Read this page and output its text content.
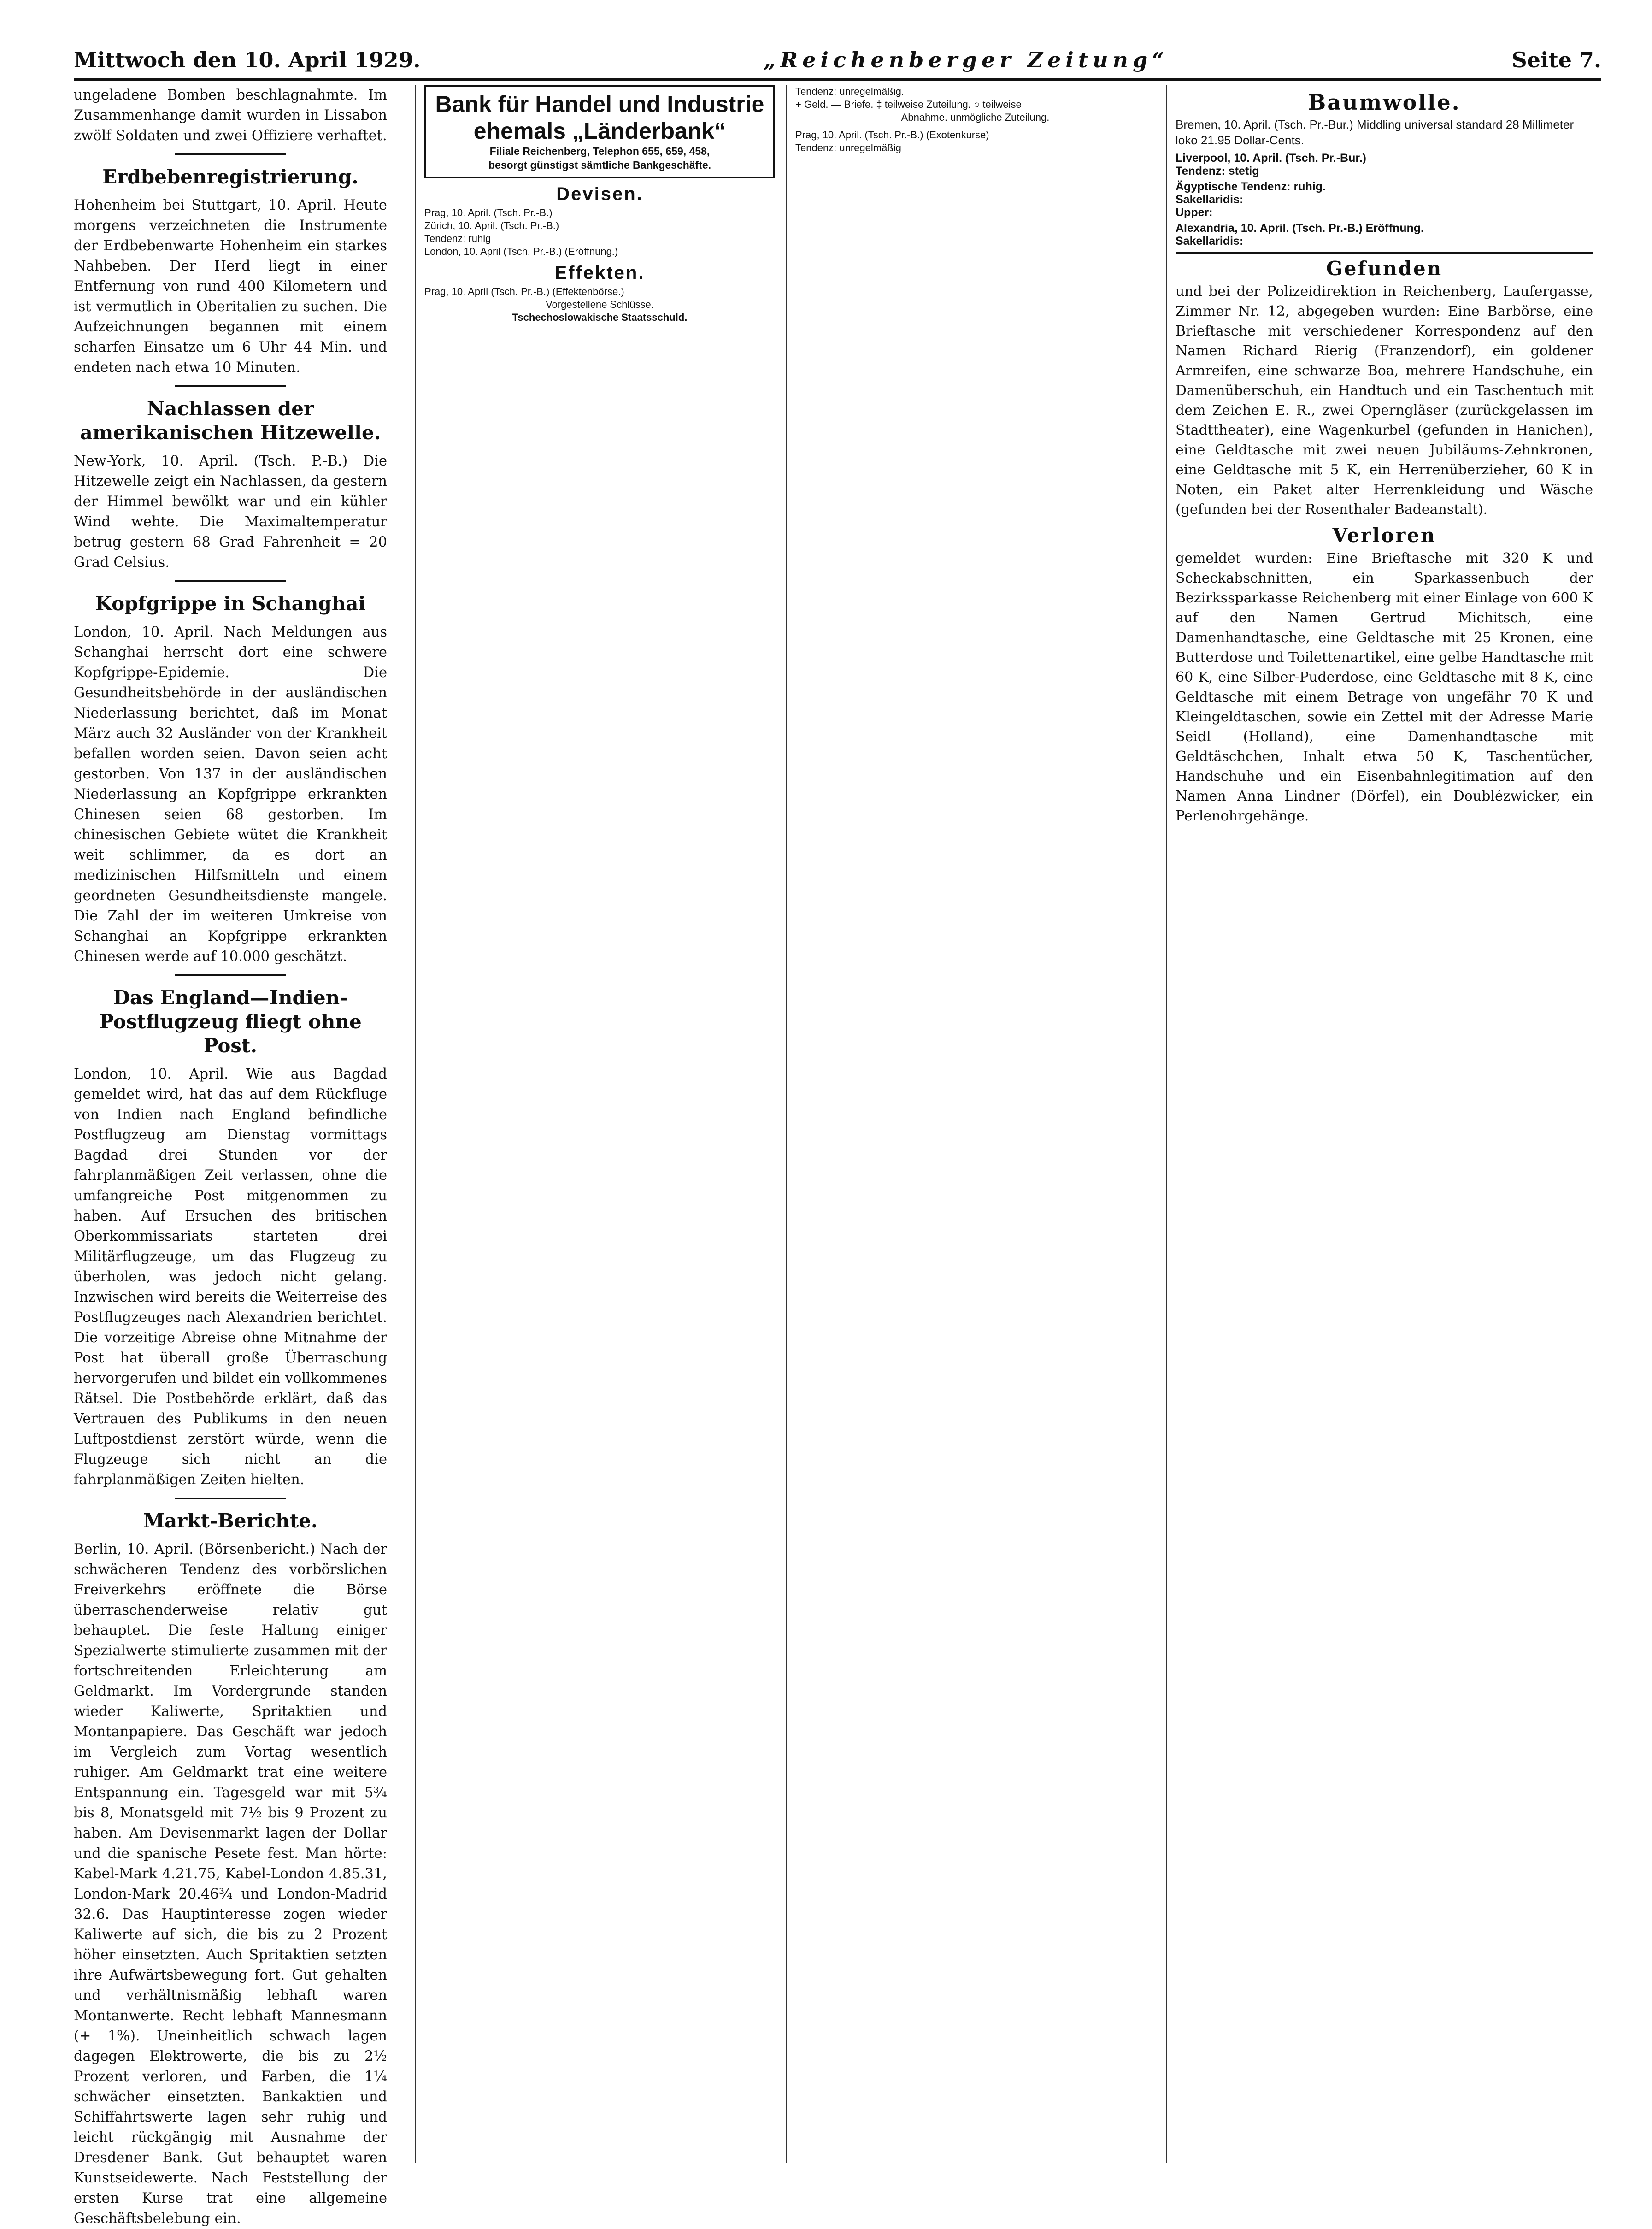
Mittwoch den 10. April 1929.	„Reichenberger Zeitung“	Seite 7.

ungeladene Bomben beschlagnahmte. Im Zusammenhange damit wurden in Lissabon zwölf Soldaten und zwei Offiziere verhaftet.

Erdbebenregistrierung.

Hohenheim bei Stuttgart, 10. April. Heute morgens verzeichneten die Instrumente der Erdbebenwarte Hohenheim ein starkes Nahbeben. Der Herd liegt in einer Entfernung von rund 400 Kilometern und ist vermutlich in Oberitalien zu suchen. Die Aufzeichnungen begannen mit einem scharfen Einsatze um 6 Uhr 44 Min. und endeten nach etwa 10 Minuten.

Nachlassen der amerikanischen Hitzewelle.

New-York, 10. April. (Tsch. P.-B.) Die Hitzewelle zeigt ein Nachlassen, da gestern der Himmel bewölkt war und ein kühler Wind wehte. Die Maximaltemperatur betrug gestern 68 Grad Fahrenheit = 20 Grad Celsius.

Kopfgrippe in Schanghai

London, 10. April. Nach Meldungen aus Schanghai herrscht dort eine schwere Kopfgrippe-Epidemie. Die Gesundheitsbehörde in der ausländischen Niederlassung berichtet, daß im Monat März auch 32 Ausländer von der Krankheit befallen worden seien. Davon seien acht gestorben. Von 137 in der ausländischen Niederlassung an Kopfgrippe erkrankten Chinesen seien 68 gestorben. Im chinesischen Gebiete wütet die Krankheit weit schlimmer, da es dort an medizinischen Hilfsmitteln und einem geordneten Gesundheitsdienste mangele. Die Zahl der im weiteren Umkreise von Schanghai an Kopfgrippe erkrankten Chinesen werde auf 10.000 geschätzt.

Das England—Indien-Postflugzeug fliegt ohne Post.

London, 10. April. Wie aus Bagdad gemeldet wird, hat das auf dem Rückfluge von Indien nach England befindliche Postflugzeug am Dienstag vormittags Bagdad drei Stunden vor der fahrplanmäßigen Zeit verlassen, ohne die umfangreiche Post mitgenommen zu haben. Auf Ersuchen des britischen Oberkommissariats starteten drei Militärflugzeuge, um das Flugzeug zu überholen, was jedoch nicht gelang. Inzwischen wird bereits die Weiterreise des Postflugzeuges nach Alexandrien berichtet. Die vorzeitige Abreise ohne Mitnahme der Post hat überall große Überraschung hervorgerufen und bildet ein vollkommenes Rätsel. Die Postbehörde erklärt, daß das Vertrauen des Publikums in den neuen Luftpostdienst zerstört würde, wenn die Flugzeuge sich nicht an die fahrplanmäßigen Zeiten hielten.

Markt-Berichte.

Berlin, 10. April. (Börsenbericht.) Nach der schwächeren Tendenz des vorbörslichen Freiverkehrs eröffnete die Börse überraschenderweise relativ gut behauptet. Die feste Haltung einiger Spezialwerte stimulierte zusammen mit der fortschreitenden Erleichterung am Geldmarkt. Im Vordergrunde standen wieder Kaliwerte, Spritaktien und Montanpapiere. Das Geschäft war jedoch im Vergleich zum Vortag wesentlich ruhiger. Am Geldmarkt trat eine weitere Entspannung ein. Tagesgeld war mit 5¾ bis 8, Monatsgeld mit 7½ bis 9 Prozent zu haben. Am Devisenmarkt lagen der Dollar und die spanische Pesete fest. Man hörte: Kabel-Mark 4.21.75, Kabel-London 4.85.31, London-Mark 20.46¾ und London-Madrid 32.6. Das Hauptinteresse zogen wieder Kaliwerte auf sich, die bis zu 2 Prozent höher einsetzten. Auch Spritaktien setzten ihre Aufwärtsbewegung fort. Gut gehalten und verhältnismäßig lebhaft waren Montanwerte. Recht lebhaft Mannesmann (+ 1%). Uneinheitlich schwach lagen dagegen Elektrowerte, die bis zu 2½ Prozent verloren, und Farben, die 1¼ schwächer einsetzten. Bankaktien und Schiffahrtswerte lagen sehr ruhig und leicht rückgängig mit Ausnahme der Dresdener Bank. Gut behauptet waren Kunstseidewerte. Nach Feststellung der ersten Kurse trat eine allgemeine Geschäftsbelebung ein.

Bank für Handel und Industrie
ehemals „Länderbank“
Filiale Reichenberg, Telephon 655, 659, 458,
besorgt günstigst sämtliche Bankgeschäfte.
Devisen.
Prag, 10. April. (Tsch. Pr.-B.)
Zürich, 10. April. (Tsch. Pr.-B.)
Tendenz: ruhig
London, 10. April (Tsch. Pr.-B.) (Eröffnung.)
Effekten.
Prag, 10. April (Tsch. Pr.-B.) (Effektenbörse.)
Vorgestellene Schlüsse.
Tschechoslowakische Staatsschuld.
Tendenz: unregelmäßig.
+ Geld. — Briefe. ‡ teilweise Zuteilung. ○ teilweise
Abnahme. unmögliche Zuteilung.
Prag, 10. April. (Tsch. Pr.-B.) (Exotenkurse)
Tendenz: unregelmäßig
Baumwolle.
Bremen, 10. April. (Tsch. Pr.-Bur.) Middling universal standard 28 Millimeter loko 21.95 Dollar-Cents.
Liverpool, 10. April. (Tsch. Pr.-Bur.)
Tendenz: stetig
Ägyptische Tendenz: ruhig.
Sakellaridis:
Upper:
Alexandria, 10. April. (Tsch. Pr.-B.) Eröffnung.
Sakellaridis:
Gefunden
und bei der Polizeidirektion in Reichenberg, Laufergasse, Zimmer Nr. 12, abgegeben wurden: Eine Barbörse, eine Brieftasche mit verschiedener Korrespondenz auf den Namen Richard Rierig (Franzendorf), ein goldener Armreifen, eine schwarze Boa, mehrere Handschuhe, ein Damenüberschuh, ein Handtuch und ein Taschentuch mit dem Zeichen E. R., zwei Operngläser (zurückgelassen im Stadttheater), eine Wagenkurbel (gefunden in Hanichen), eine Geldtasche mit zwei neuen Jubiläums-Zehnkronen, eine Geldtasche mit 5 K, ein Herrenüberzieher, 60 K in Noten, ein Paket alter Herrenkleidung und Wäsche (gefunden bei der Rosenthaler Badeanstalt).
Verloren
gemeldet wurden: Eine Brieftasche mit 320 K und Scheckabschnitten, ein Sparkassenbuch der Bezirkssparkasse Reichenberg mit einer Einlage von 600 K auf den Namen Gertrud Michitsch, eine Damenhandtasche, eine Geldtasche mit 25 Kronen, eine Butterdose und Toilettenartikel, eine gelbe Handtasche mit 60 K, eine Silber-Puderdose, eine Geldtasche mit 8 K, eine Geldtasche mit einem Betrage von ungefähr 70 K und Kleingeldtaschen, sowie ein Zettel mit der Adresse Marie Seidl (Holland), eine Damenhandtasche mit Geldtäschchen, Inhalt etwa 50 K, Taschentücher, Handschuhe und ein Eisenbahnlegitimation auf den Namen Anna Lindner (Dörfel), ein Doublézwicker, ein Perlenohrgehänge.
